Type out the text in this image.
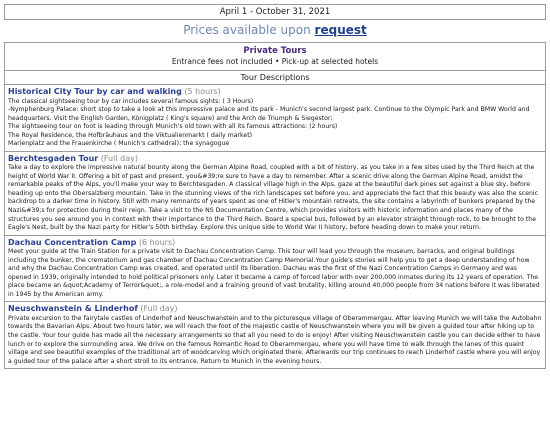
April 1 - October 31, 2021
Prices available upon request
Private Tours
Entrance fees not included • Pick-up at selected hotels
Tour Descriptions
Historical City Tour by car and walking (5 hours)

The classical sightseeing tour by car includes several famous sights: ( 3 Hours)

-Nymphenburg Palace: short stop to take a look at this impressive palace and its park - Munich's second largest park. Continue to the Olympic Park and BMW World and headquarters. Visit the English Garden, Königplatz ( King's square) and the Arch de Triumph & Siegestor;

The sightseeing tour on foot is leading through Munich's old town with all its famous attractions: (2 hours)

The Royal Residence, the Hofbräuhaus and the Viktualienmarkt ( daily market)

Marienplatz and the Frauenkirche ( Munich's cathedral); the synagogue

Berchtesgaden Tour (Full day)

Take a day to explore the impressive natural bounty along the German Alpine Road, coupled with a bit of history, as you take in a few sites used by the Third Reich at the height of World War II. Offering a bit of past and present, you&#39;re sure to have a day to remember. After a scenic drive along the German Alpine Road, amidst the remarkable peaks of the Alps, you'll make your way to Berchtesgaden. A classical village high in the Alps, gaze at the beautiful dark pines set against a blue sky, before heading up onto the Obersalzberg mountain. Take in the stunning views of the rich landscapes set before you, and appreciate the fact that this beauty was also the scenic backdrop to a darker time in history. Still with many remnants of years spent as one of Hitler's mountain retreats, the site contains a labyrinth of bunkers prepared by the Nazi&#39;s for protection during their reign. Take a visit to the NS Documentation Centre, which provides visitors with historic information and places many of the structures you see around you in context with their importance to the Third Reich. Board a special bus, followed by an elevator straight through rock, to be brought to the Eagle's Nest, built by the Nazi party for Hitler's 50th birthday. Explore this unique side to World War II history, before heading down to make your return.

Dachau Concentration Camp (6 hours)

Meet your guide at the Train Station for a private visit to Dachau Concentration Camp. This tour will lead you through the museum, barracks, and original buildings including the bunker, the crematorium and gas chamber of Dachau Concentration Camp Memorial.Your guide's stories will help you to get a deep understanding of how and why the Dachau Concentration Camp was created, and operated until its liberation. Dachau was the first of the Nazi Concentration Camps in Germany and was opened in 1939, originally intended to hold political prisoners only. Later it became a camp of forced labor with over 200,000 inmates during its 12 years of operation. The place became an &quot;Academy of Terror&quot;, a role-model and a training ground of vast brutality, killing around 40,000 people from 34 nations before it was liberated in 1945 by the American army.

Neuschwanstein & Linderhof (Full day)

Private excursion to the fairytale castles of Linderhof and Neuschwanstein and to the picturesque village of Oberammergau. After leaving Munich we will take the Autobahn towards the Bavarian Alps. About two hours later, we will reach the foot of the majestic castle of Neuschwanstein where you will be given a guided tour after hiking up to the castle. Your tour guide has made all the necessary arrangements so that all you need to do is enjoy! After visiting Neuschwanstein castle you can decide either to have lunch or to explore the surrounding area. We drive on the famous Romantic Road to Oberammergau, where you will have time to walk through the lanes of this quaint village and see beautiful examples of the traditional art of woodcarving which originated there. Afterwards our trip continues to reach Linderhof castle where you will enjoy a guided tour of the palace after a short stroll to its entrance. Return to Munich in the evening hours.
